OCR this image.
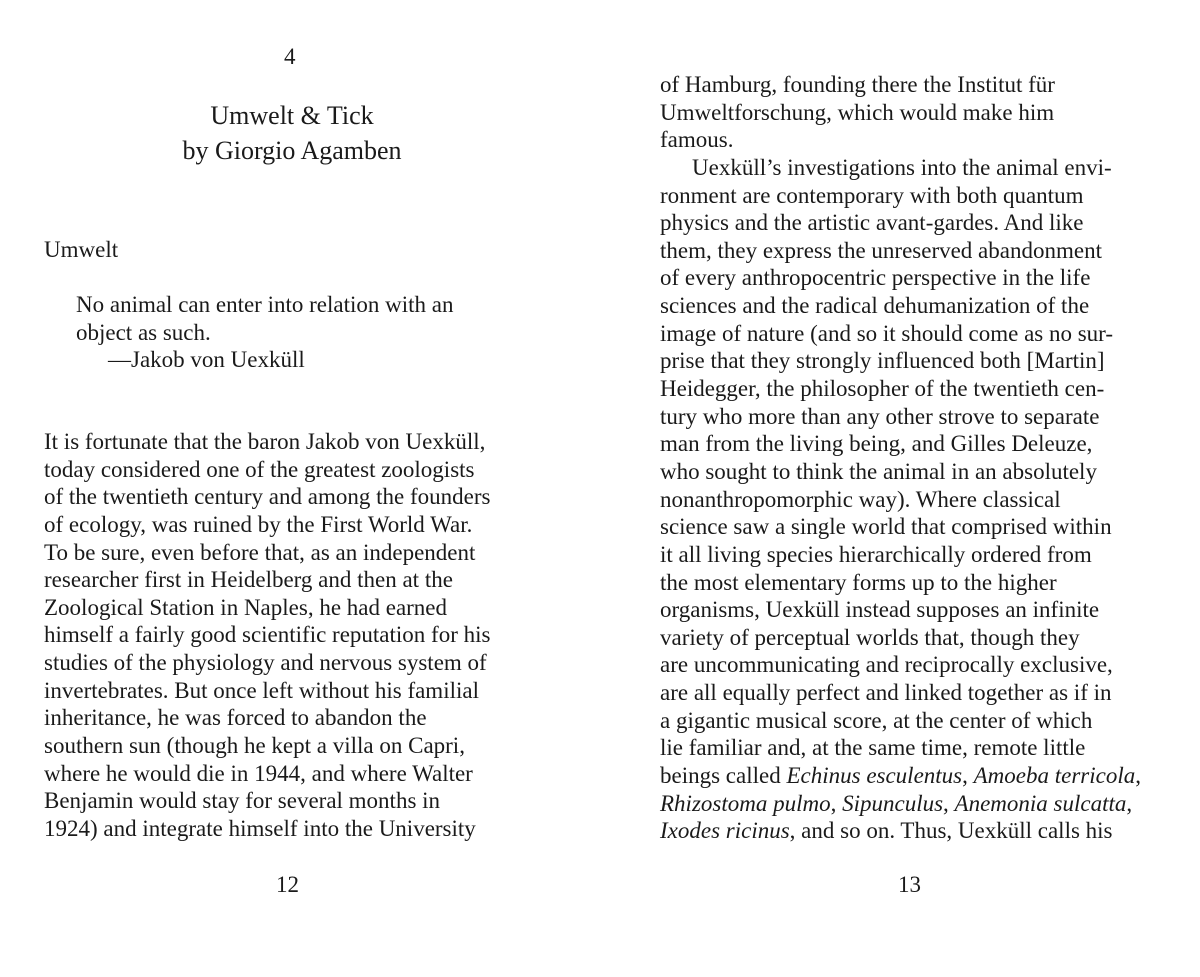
4
Umwelt & Tick
by Giorgio Agamben
Umwelt
No animal can enter into relation with an
object as such.
—Jakob von Uexküll
It is fortunate that the baron Jakob von Uexküll,
today considered one of the greatest zoologists
of the twentieth century and among the founders
of ecology, was ruined by the First World War.
To be sure, even before that, as an independent
researcher first in Heidelberg and then at the
Zoological Station in Naples, he had earned
himself a fairly good scientific reputation for his
studies of the physiology and nervous system of
invertebrates. But once left without his familial
inheritance, he was forced to abandon the
southern sun (though he kept a villa on Capri,
where he would die in 1944, and where Walter
Benjamin would stay for several months in
1924) and integrate himself into the University
12
of Hamburg, founding there the Institut für
Umweltforschung, which would make him
famous.
Uexküll’s investigations into the animal envi-
ronment are contemporary with both quantum
physics and the artistic avant-gardes. And like
them, they express the unreserved abandonment
of every anthropocentric perspective in the life
sciences and the radical dehumanization of the
image of nature (and so it should come as no sur-
prise that they strongly influenced both [Martin]
Heidegger, the philosopher of the twentieth cen-
tury who more than any other strove to separate
man from the living being, and Gilles Deleuze,
who sought to think the animal in an absolutely
nonanthropomorphic way). Where classical
science saw a single world that comprised within
it all living species hierarchically ordered from
the most elementary forms up to the higher
organisms, Uexküll instead supposes an infinite
variety of perceptual worlds that, though they
are uncommunicating and reciprocally exclusive,
are all equally perfect and linked together as if in
a gigantic musical score, at the center of which
lie familiar and, at the same time, remote little
beings called Echinus esculentus, Amoeba terricola,
Rhizostoma pulmo, Sipunculus, Anemonia sulcatta,
Ixodes ricinus, and so on. Thus, Uexküll calls his
13
